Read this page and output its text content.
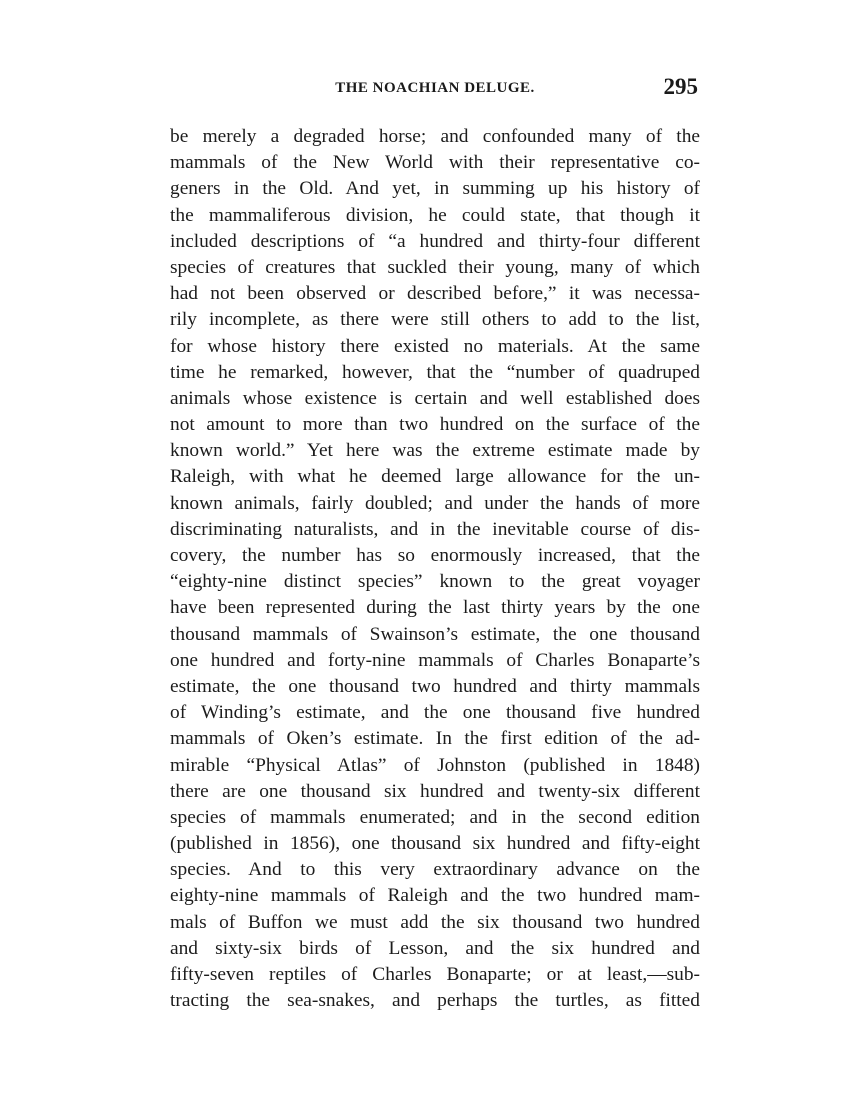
THE NOACHIAN DELUGE.	295
be merely a degraded horse; and confounded many of the
mammals of the New World with their representative co-
geners in the Old. And yet, in summing up his history of
the mammaliferous division, he could state, that though it
included descriptions of “a hundred and thirty-four different
species of creatures that suckled their young, many of which
had not been observed or described before,” it was necessa-
rily incomplete, as there were still others to add to the list,
for whose history there existed no materials. At the same
time he remarked, however, that the “number of quadruped
animals whose existence is certain and well established does
not amount to more than two hundred on the surface of the
known world.” Yet here was the extreme estimate made by
Raleigh, with what he deemed large allowance for the un-
known animals, fairly doubled; and under the hands of more
discriminating naturalists, and in the inevitable course of dis-
covery, the number has so enormously increased, that the
“eighty-nine distinct species” known to the great voyager
have been represented during the last thirty years by the one
thousand mammals of Swainson’s estimate, the one thousand
one hundred and forty-nine mammals of Charles Bonaparte’s
estimate, the one thousand two hundred and thirty mammals
of Winding’s estimate, and the one thousand five hundred
mammals of Oken’s estimate. In the first edition of the ad-
mirable “Physical Atlas” of Johnston (published in 1848)
there are one thousand six hundred and twenty-six different
species of mammals enumerated; and in the second edition
(published in 1856), one thousand six hundred and fifty-eight
species. And to this very extraordinary advance on the
eighty-nine mammals of Raleigh and the two hundred mam-
mals of Buffon we must add the six thousand two hundred
and sixty-six birds of Lesson, and the six hundred and
fifty-seven reptiles of Charles Bonaparte; or at least,—sub-
tracting the sea-snakes, and perhaps the turtles, as fitted
